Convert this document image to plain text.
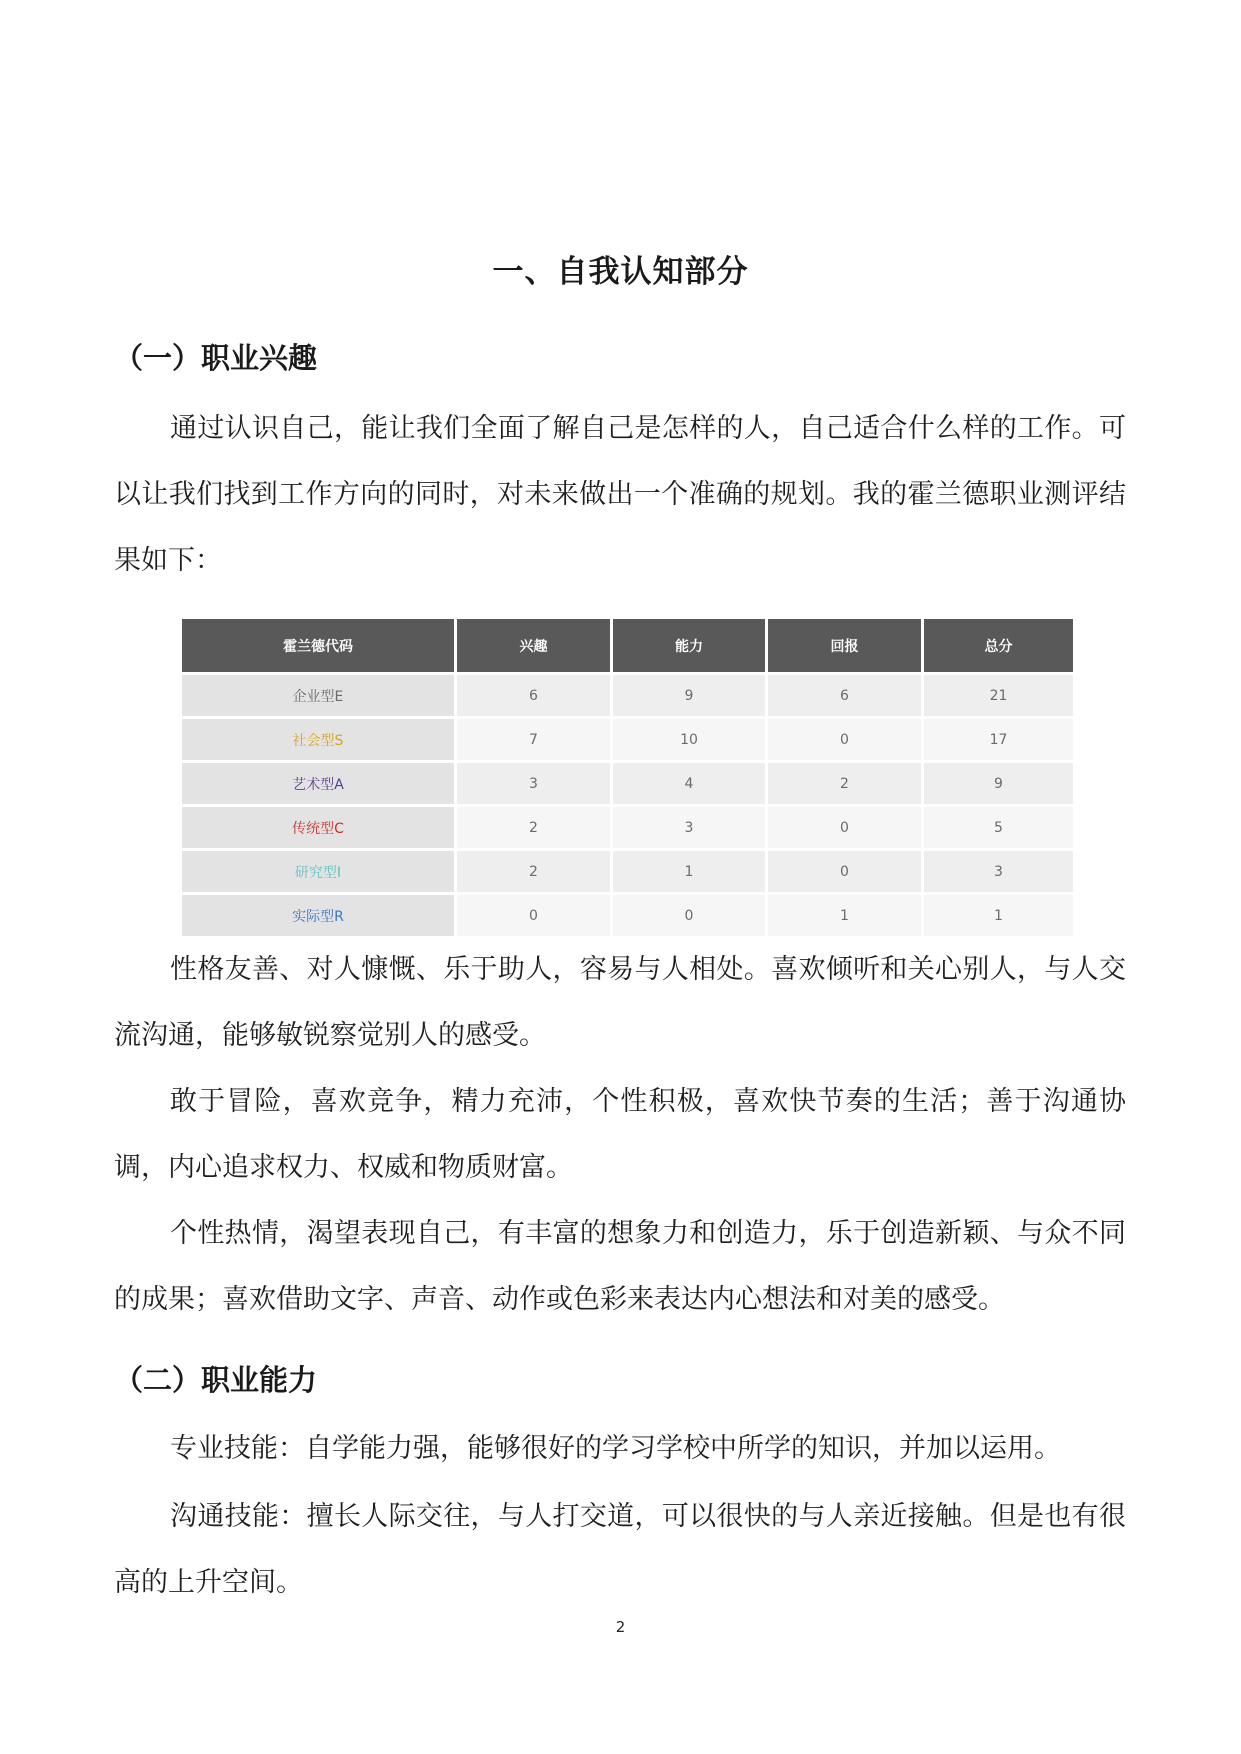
一、自我认知部分
（一）职业兴趣
通过认识自己，能让我们全面了解自己是怎样的人，自己适合什么样的工作。可以让我们找到工作方向的同时，对未来做出一个准确的规划。我的霍兰德职业测评结果如下：
霍兰德代码	兴趣	能力	回报	总分
企业型E	6	9	6	21
社会型S	7	10	0	17
艺术型A	3	4	2	9
传统型C	2	3	0	5
研究型I	2	1	0	3
实际型R	0	0	1	1
性格友善、对人慷慨、乐于助人，容易与人相处。喜欢倾听和关心别人，与人交流沟通，能够敏锐察觉别人的感受。
敢于冒险，喜欢竞争，精力充沛，个性积极，喜欢快节奏的生活；善于沟通协调，内心追求权力、权威和物质财富。
个性热情，渴望表现自己，有丰富的想象力和创造力，乐于创造新颖、与众不同的成果；喜欢借助文字、声音、动作或色彩来表达内心想法和对美的感受。
（二）职业能力
专业技能：自学能力强，能够很好的学习学校中所学的知识，并加以运用。
沟通技能：擅长人际交往，与人打交道，可以很快的与人亲近接触。但是也有很高的上升空间。
2
